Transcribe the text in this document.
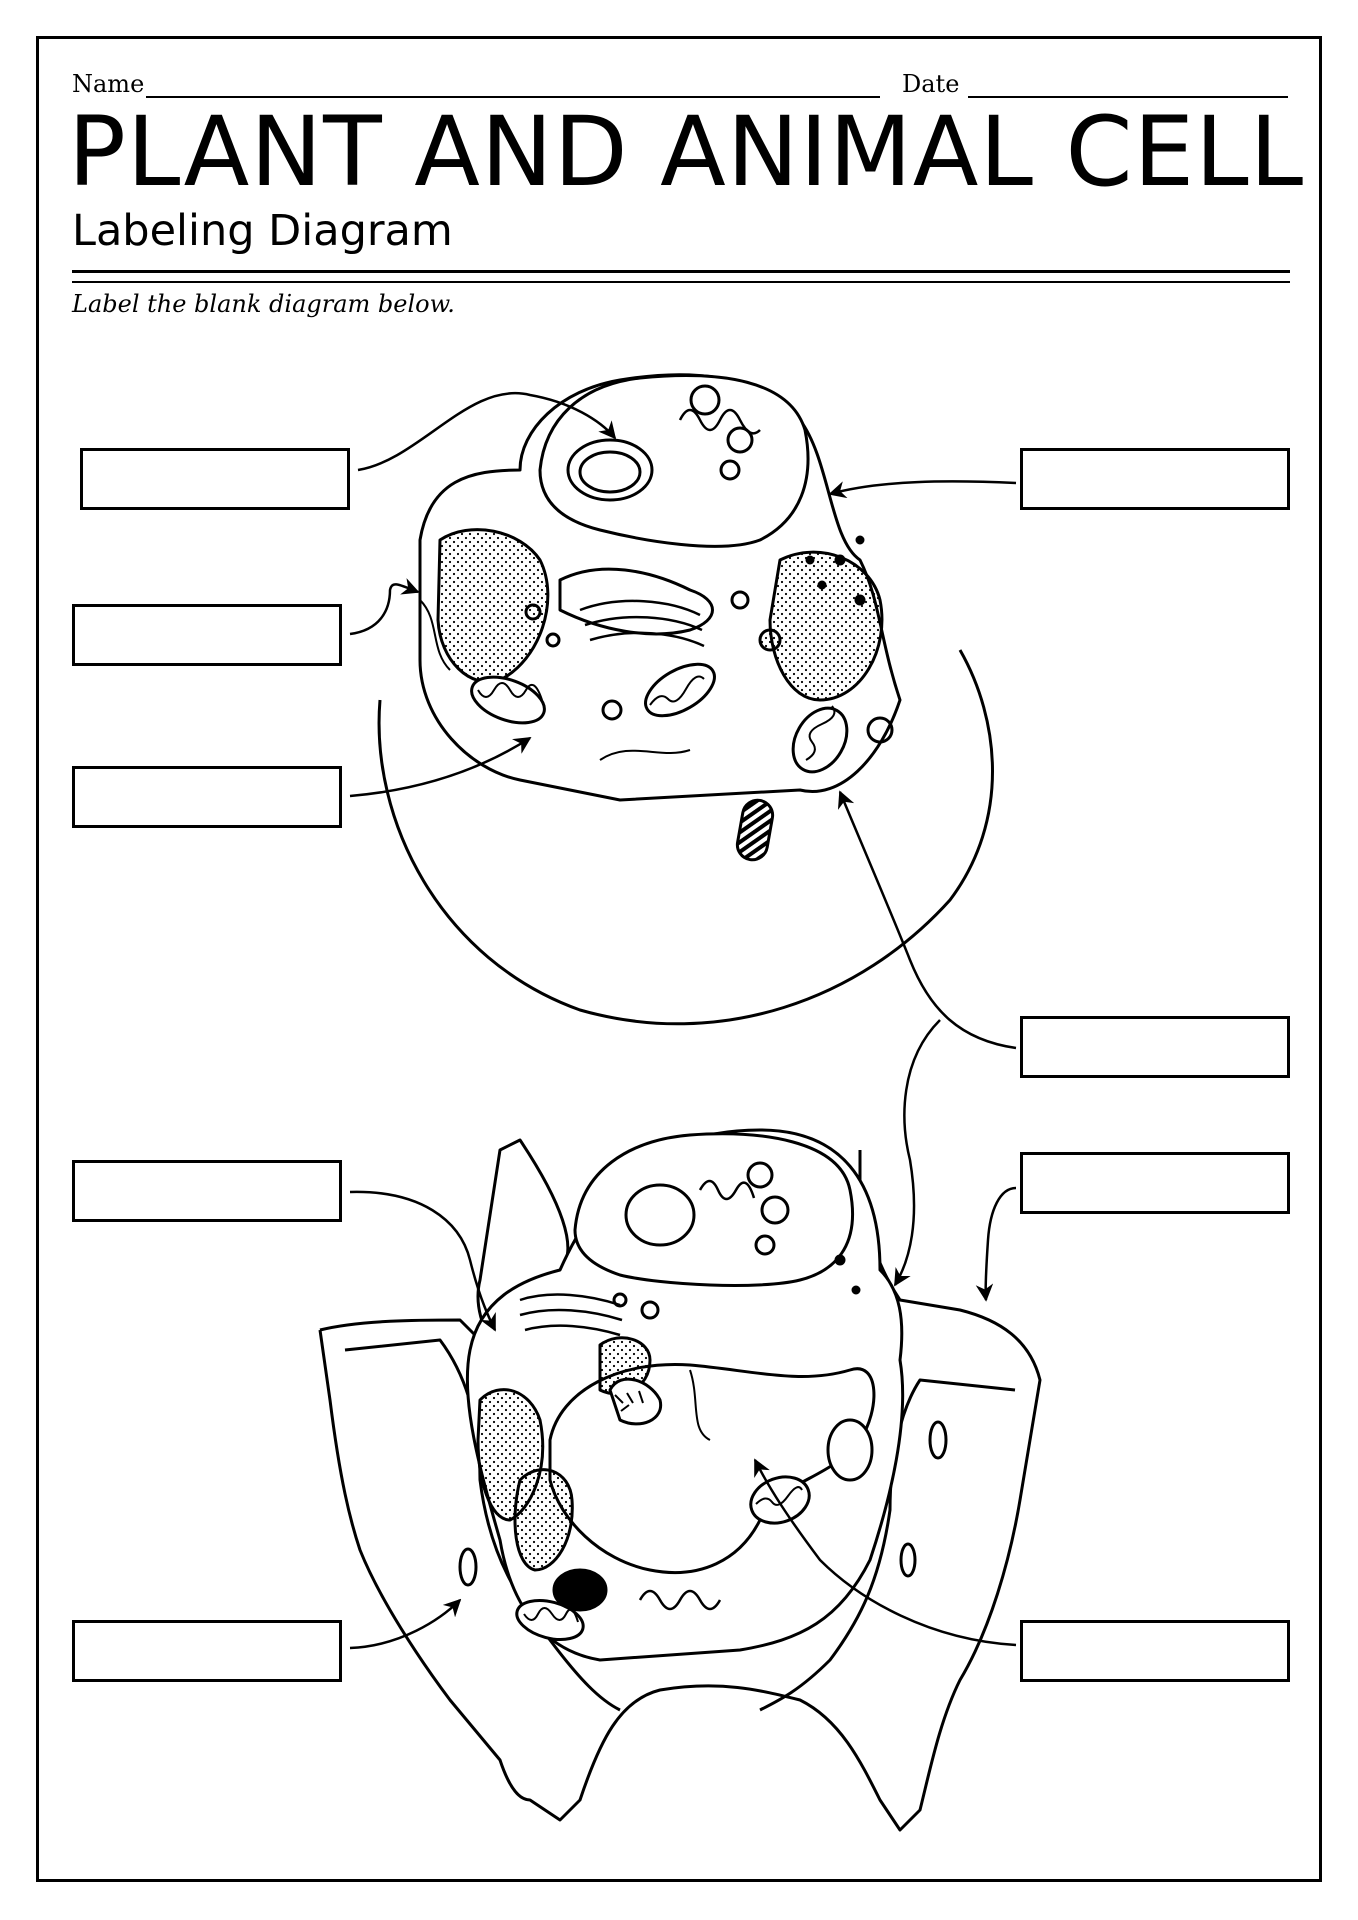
Name	Date
PLANT AND ANIMAL CELL
Labeling Diagram
Label the blank diagram below.
